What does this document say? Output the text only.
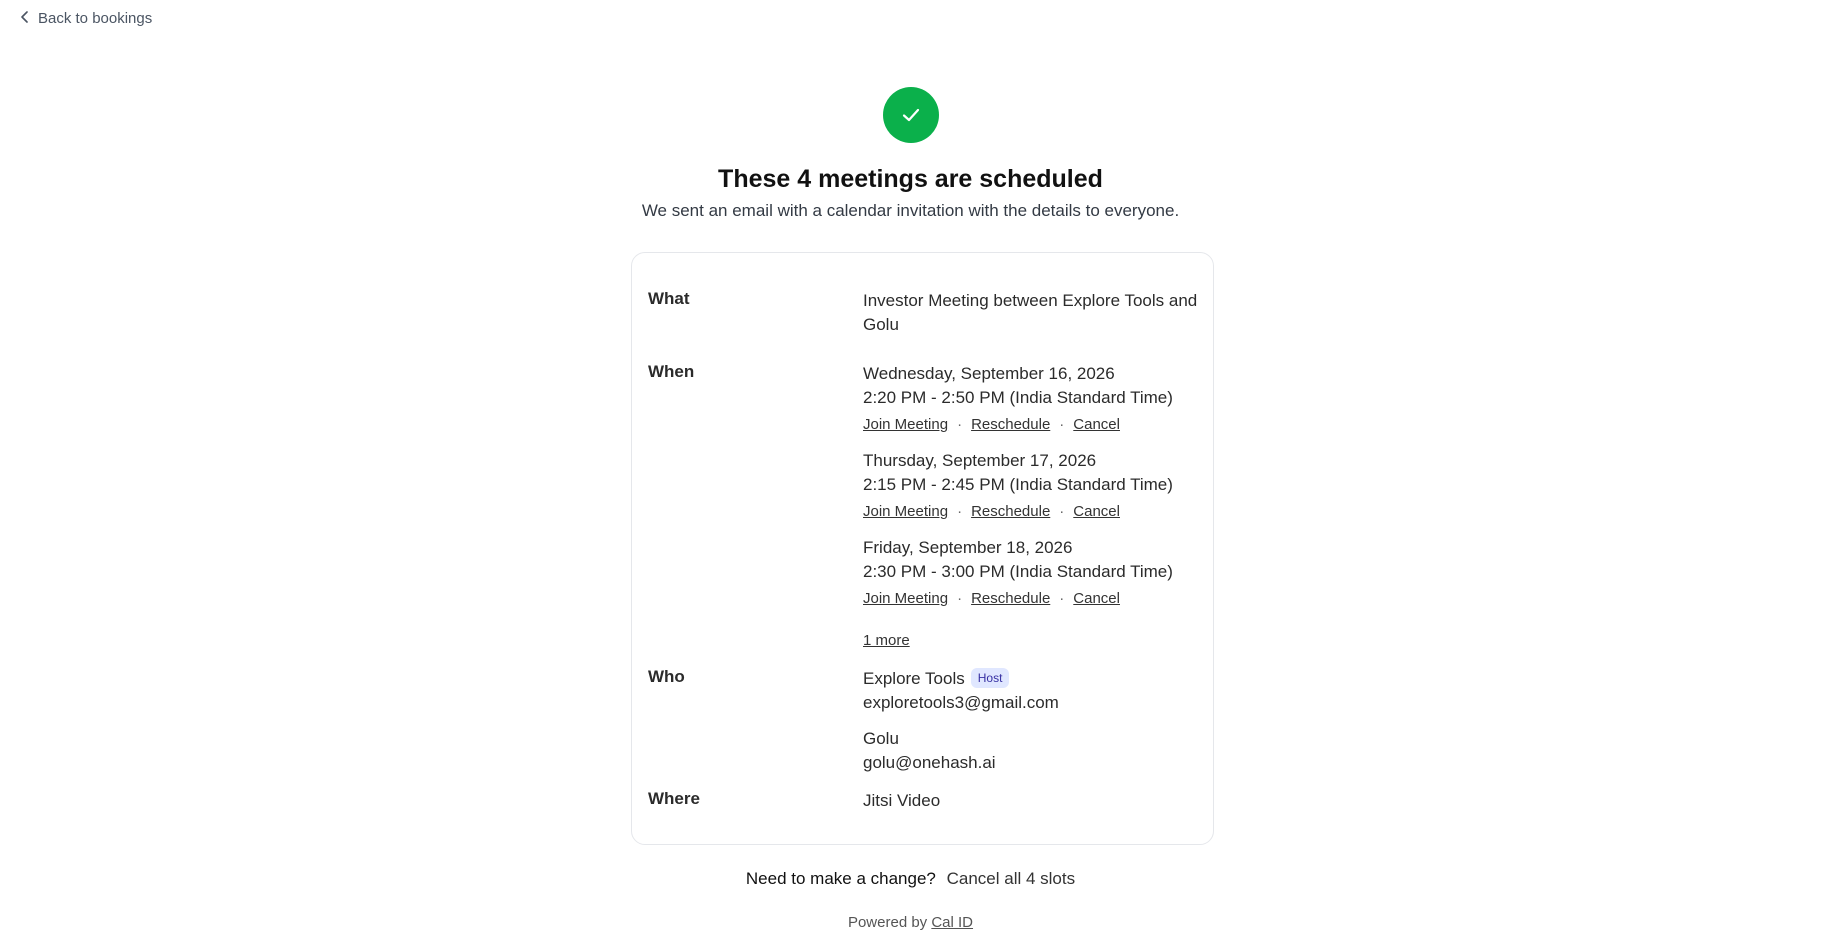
Back to bookings
These 4 meetings are scheduled
We sent an email with a calendar invitation with the details to everyone.
What	Investor Meeting between Explore Tools and Golu
When	Wednesday, September 16, 2026
2:20 PM - 2:50 PM (India Standard Time)
Join Meeting · Reschedule · Cancel
Thursday, September 17, 2026
2:15 PM - 2:45 PM (India Standard Time)
Join Meeting · Reschedule · Cancel
Friday, September 18, 2026
2:30 PM - 3:00 PM (India Standard Time)
Join Meeting · Reschedule · Cancel
1 more
Who	Explore Tools Host
exploretools3@gmail.com
Golu
golu@onehash.ai
Where	Jitsi Video
Need to make a change? Cancel all 4 slots
Powered by Cal ID
